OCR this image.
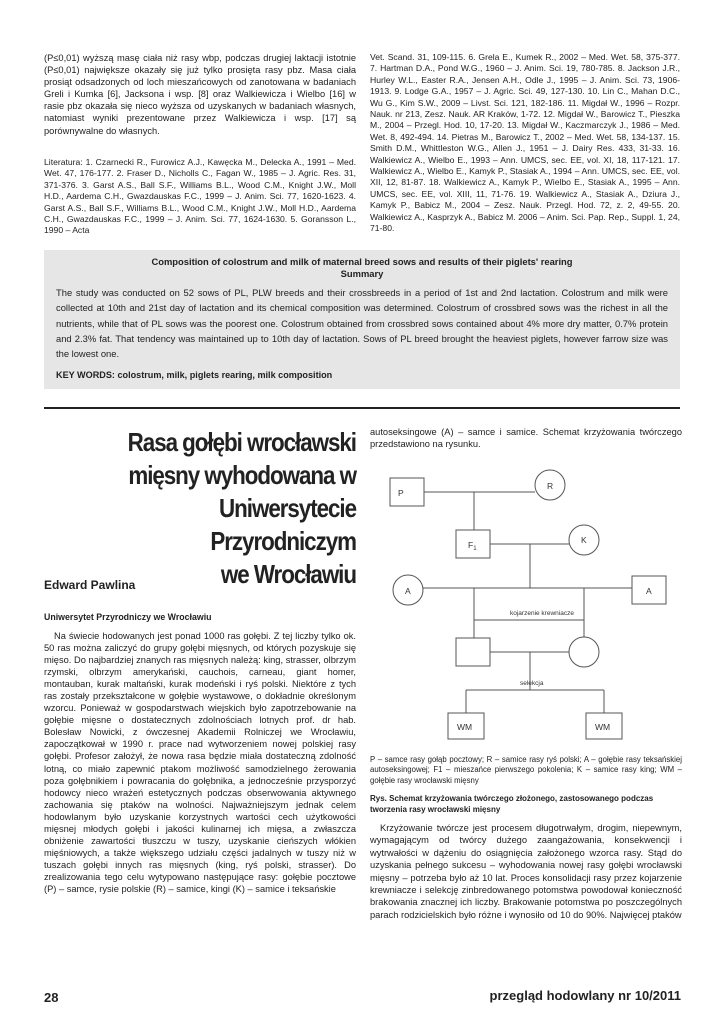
(P≤0,01) wyższą masę ciała niż rasy wbp, podczas drugiej laktacji istotnie (P≤0,01) największe okazały się już tylko prosięta rasy pbz. Masa ciała prosiąt odsadzonych od loch mieszańcowych od zanotowana w badaniach Greli i Kumka [6], Jacksona i wsp. [8] oraz Walkiewicza i Wielbo [16] w rasie pbz okazała się nieco wyższa od uzyskanych w badaniach własnych, natomiast wyniki prezentowane przez Walkiewicza i wsp. [17] są porównywalne do własnych.
Literatura: 1. Czarnecki R., Furowicz A.J., Kawęcka M., Delecka A., 1991 – Med. Wet. 47, 176-177. 2. Fraser D., Nicholls C., Fagan W., 1985 – J. Agric. Res. 31, 371-376. 3. Garst A.S., Ball S.F., Williams B.L., Wood C.M., Knight J.W., Moll H.D., Aardema C.H., Gwazdauskas F.C., 1999 – J. Anim. Sci. 77, 1620-1623. 4. Garst A.S., Ball S.F., Williams B.L., Wood C.M., Knight J.W., Moll H.D., Aardema C.H., Gwazdauskas F.C., 1999 – J. Anim. Sci. 77, 1624-1630. 5. Goransson L., 1990 – Acta
Vet. Scand. 31, 109-115. 6. Grela E., Kumek R., 2002 – Med. Wet. 58, 375-377. 7. Hartman D.A., Pond W.G., 1960 – J. Anim. Sci. 19, 780-785. 8. Jackson J.R., Hurley W.L., Easter R.A., Jensen A.H., Odle J., 1995 – J. Anim. Sci. 73, 1906-1913. 9. Lodge G.A., 1957 – J. Agric. Sci. 49, 127-130. 10. Lin C., Mahan D.C., Wu G., Kim S.W., 2009 – Livst. Sci. 121, 182-186. 11. Migdał W., 1996 – Rozpr. Nauk. nr 213, Zesz. Nauk. AR Kraków, 1-72. 12. Migdał W., Barowicz T., Pieszka M., 2004 – Przegl. Hod. 10, 17-20. 13. Migdał W., Kaczmarczyk J., 1986 – Med. Wet. 8, 492-494. 14. Pietras M., Barowicz T., 2002 – Med. Wet. 58, 134-137. 15. Smith D.M., Whittleston W.G., Allen J., 1951 – J. Dairy Res. 433, 31-33. 16. Walkiewicz A., Wielbo E., 1993 – Ann. UMCS, sec. EE, vol. XI, 18, 117-121. 17. Walkiewicz A., Wielbo E., Kamyk P., Stasiak A., 1994 – Ann. UMCS, sec. EE, vol. XII, 12, 81-87. 18. Walkiewicz A., Kamyk P., Wielbo E., Stasiak A., 1995 – Ann. UMCS, sec. EE, vol. XIII, 11, 71-76. 19. Walkiewicz A., Stasiak A., Dziura J., Kamyk P., Babicz M., 2004 – Zesz. Nauk. Przegl. Hod. 72, z. 2, 49-55. 20. Walkiewicz A., Kasprzyk A., Babicz M. 2006 – Anim. Sci. Pap. Rep., Suppl. 1, 24, 71-80.
Composition of colostrum and milk of maternal breed sows and results of their piglets' rearing
Summary
The study was conducted on 52 sows of PL, PLW breeds and their crossbreeds in a period of 1st and 2nd lactation. Colostrum and milk were collected at 10th and 21st day of lactation and its chemical composition was determined. Colostrum of crossbred sows was the richest in all the nutrients, while that of PL sows was the poorest one. Colostrum obtained from crossbred sows contained about 4% more dry matter, 0.7% protein and 2.3% fat. That tendency was maintained up to 10th day of lactation. Sows of PL breed brought the heaviest piglets, however farrow size was the lowest one.
KEY WORDS: colostrum, milk, piglets rearing, milk composition
Rasa gołębi wrocławski
mięsny wyhodowana w
Uniwersytecie Przyrodniczym
we Wrocławiu
Edward Pawlina
Uniwersytet Przyrodniczy we Wrocławiu
Na świecie hodowanych jest ponad 1000 ras gołębi. Z tej liczby tylko ok. 50 ras można zaliczyć do grupy gołębi mięsnych, od których pozyskuje się mięso. Do najbardziej znanych ras mięsnych należą: king, strasser, olbrzym rzymski, olbrzym amerykański, cauchois, carneau, giant homer, montauban, kurak maltański, kurak modeński i ryś polski. Niektóre z tych ras zostały przekształcone w gołębie wystawowe, o dokładnie określonym wzorcu. Ponieważ w gospodarstwach wiejskich było zapotrzebowanie na gołębie mięsne o dostatecznych zdolnościach lotnych prof. dr hab. Bolesław Nowicki, z ówczesnej Akademii Rolniczej we Wrocławiu, zapoczątkował w 1990 r. prace nad wytworzeniem nowej polskiej rasy gołębi. Profesor założył, że nowa rasa będzie miała dostateczną zdolność lotną, co miało zapewnić ptakom możliwość samodzielnego żerowania poza gołębnikiem i powracania do gołębnika, a jednocześnie przysporzyć hodowcy nieco wrażeń estetycznych podczas obserwowania aktywnego zachowania się ptaków na wolności. Najważniejszym jednak celem hodowlanym było uzyskanie korzystnych wartości cech użytkowości mięsnej młodych gołębi i jakości kulinarnej ich mięsa, a zwłaszcza obniżenie zawartości tłuszczu w tuszy, uzyskanie cieńszych włókien mięśniowych, a także większego udziału części jadalnych w tuszy niż w tuszach gołębi innych ras mięsnych (king, ryś polski, strasser). Do zrealizowania tego celu wytypowano następujące rasy: gołębie pocztowe (P) – samce, rysie polskie (R) – samice, kingi (K) – samice i teksańskie
autoseksingowe (A) – samce i samice. Schemat krzyżowania twórczego przedstawiono na rysunku.
P
R
$F_1$
K
A	A
kojarzenie krewniacze
selekcja
WM	WM
P – samce rasy gołąb pocztowy; R – samice rasy ryś polski; A – gołębie rasy teksańskiej autoseksingowej; F1 – mieszańce pierwszego pokolenia; K – samice rasy king; WM – gołębie rasy wrocławski mięsny
Rys. Schemat krzyżowania twórczego złożonego, zastosowanego podczas tworzenia rasy wrocławski mięsny
Krzyżowanie twórcze jest procesem długotrwałym, drogim, niepewnym, wymagającym od twórcy dużego zaangażowania, konsekwencji i wytrwałości w dążeniu do osiągnięcia założonego wzorca rasy. Stąd do uzyskania pełnego sukcesu – wyhodowania nowej rasy gołębi wrocławski mięsny – potrzeba było aż 10 lat. Proces konsolidacji rasy przez kojarzenie krewniacze i selekcję zinbredowanego potomstwa powodował konieczność brakowania znacznej ich liczby. Brakowanie potomstwa po poszczególnych parach rodzicielskich było różne i wynosiło od 10 do 90%. Najwięcej ptaków
28	przegląd hodowlany nr 10/2011
